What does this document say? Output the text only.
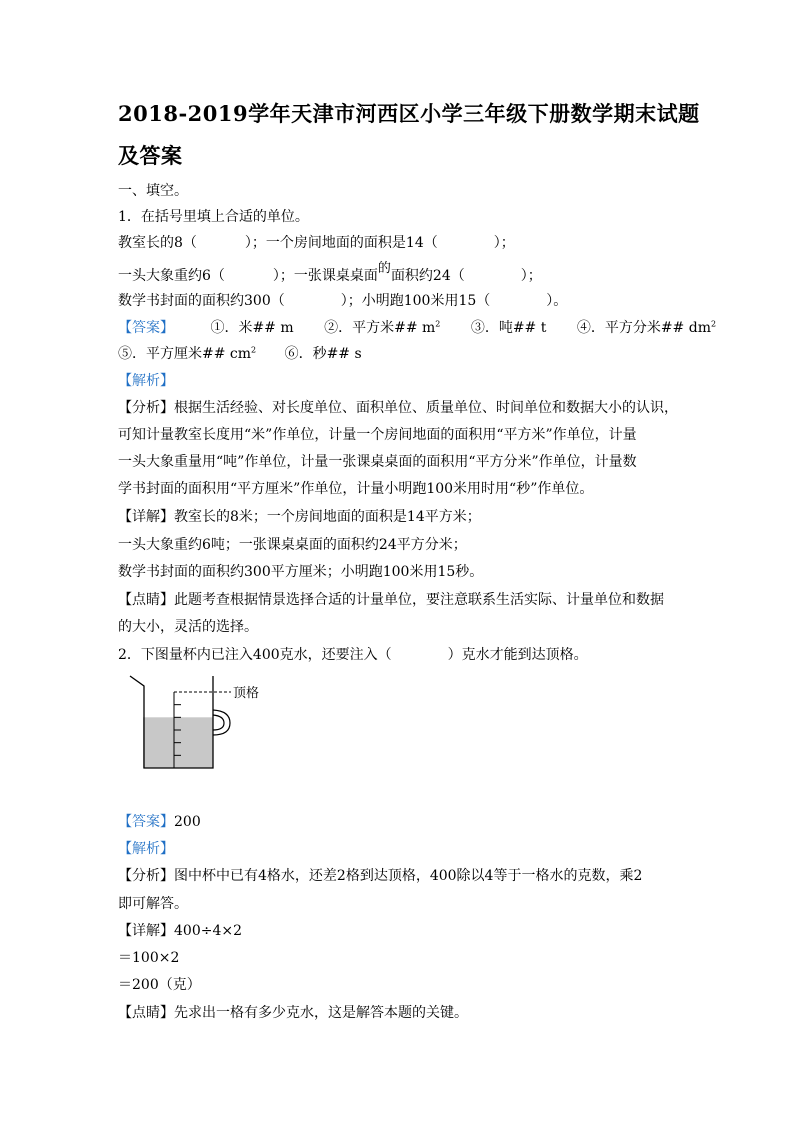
2018-2019学年天津市河西区小学三年级下册数学期末试题
及答案
一、填空。
1．在括号里填上合适的单位。
教室长的8（	）；一个房间地面的面积是14（	）；
一头大象重约6（	）；一张课桌桌面的面积约24（	）；
数学书封面的面积约300（	）；小明跑100米用15（	）。
【答案】	①．米## m ②．平方米## $m^2$ ③．吨## t ④．平方分米## $dm^2$
⑤．平方厘米## $cm^2$ ⑥．秒## s
【解析】
【分析】根据生活经验、对长度单位、面积单位、质量单位、时间单位和数据大小的认识，
可知计量教室长度用“米”作单位，计量一个房间地面的面积用“平方米”作单位，计量
一头大象重量用“吨”作单位，计量一张课桌桌面的面积用“平方分米”作单位，计量数
学书封面的面积用“平方厘米”作单位，计量小明跑100米用时用“秒”作单位。
【详解】教室长的8米；一个房间地面的面积是14平方米；
一头大象重约6吨；一张课桌桌面的面积约24平方分米；
数学书封面的面积约300平方厘米；小明跑100米用15秒。
【点睛】此题考查根据情景选择合适的计量单位，要注意联系生活实际、计量单位和数据
的大小，灵活的选择。
2．下图量杯内已注入400克水，还要注入（	）克水才能到达顶格。
顶格
【答案】200
【解析】
【分析】图中杯中已有4格水，还差2格到达顶格，400除以4等于一格水的克数，乘2
即可解答。
【详解】400÷4×2
＝100×2
＝200（克）
【点睛】先求出一格有多少克水，这是解答本题的关键。
